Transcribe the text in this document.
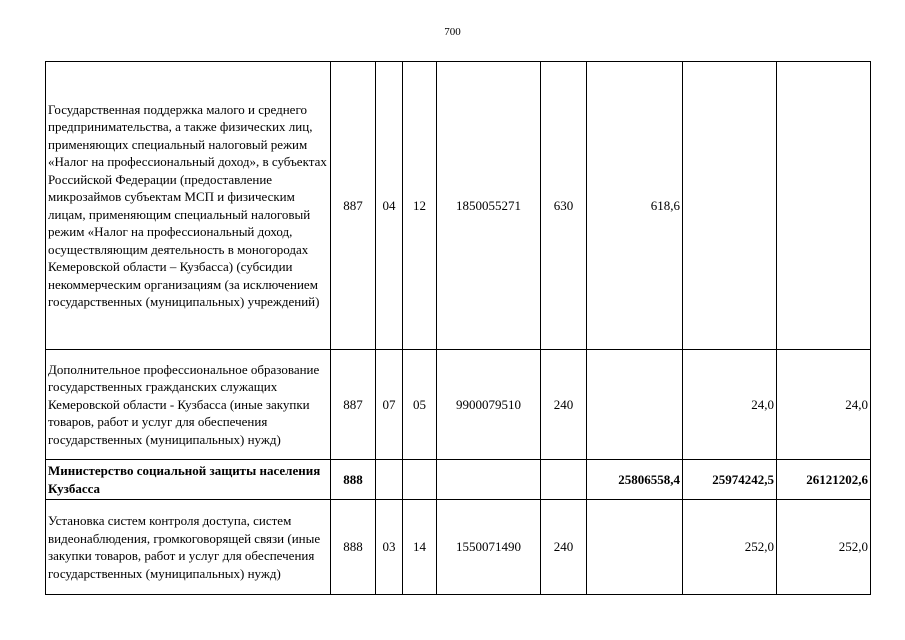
700
Государственная поддержка малого и среднего предпринимательства, а также физических лиц, применяющих специальный налоговый режим «Налог на профессиональный доход», в субъектах Российской Федерации (предоставление микрозаймов субъектам МСП и физическим лицам, применяющим специальный налоговый режим «Налог на профессиональный доход, осуществляющим деятельность в моногородах Кемеровской области – Кузбасса) (субсидии некоммерческим организациям (за исключением государственных (муниципальных) учреждений)	887	04	12	1850055271	630	618,6		

Дополнительное профессиональное образование государственных гражданских служащих Кемеровской области - Кузбасса (иные закупки товаров, работ и услуг для обеспечения государственных (муниципальных) нужд)	887	07	05	9900079510	240		24,0	24,0

Министерство социальной защиты населения Кузбасса	888					25806558,4	25974242,5	26121202,6

Установка систем контроля доступа, систем видеонаблюдения, громкоговорящей связи (иные закупки товаров, работ и услуг для обеспечения государственных (муниципальных) нужд)	888	03	14	1550071490	240		252,0	252,0
